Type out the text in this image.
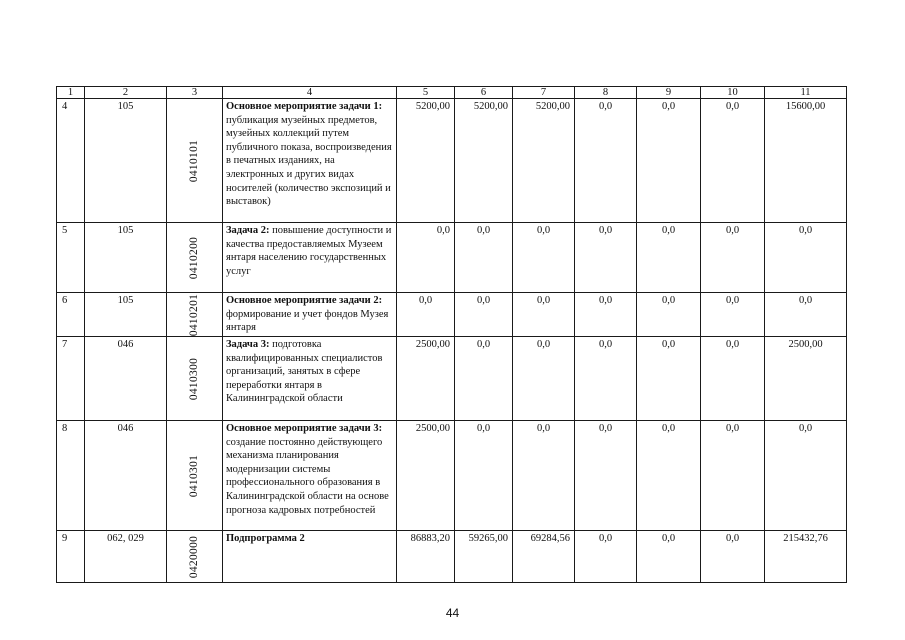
1	2	3	4	5	6	7	8	9	10	11
4	105	0410101	Основное мероприятие задачи 1: публикация музейных предметов, музейных коллекций путем публичного показа, воспроизведения в печатных изданиях, на электронных и других видах носителей (количество экспозиций и выставок)	5200,00	5200,00	5200,00	0,0	0,0	0,0	15600,00
5	105	0410200	Задача 2: повышение доступности и качества предоставляемых Музеем янтаря населению государственных услуг	0,0	0,0	0,0	0,0	0,0	0,0	0,0
6	105	0410201	Основное мероприятие задачи 2: формирование и учет фондов Музея янтаря	0,0	0,0	0,0	0,0	0,0	0,0	0,0
7	046	0410300	Задача 3: подготовка квалифицированных специалистов организаций, занятых в сфере переработки янтаря в Калининградской области	2500,00	0,0	0,0	0,0	0,0	0,0	2500,00
8	046	0410301	Основное мероприятие задачи 3: создание постоянно действующего механизма планирования модернизации системы профессионального образования в Калининградской области на основе прогноза кадровых потребностей	2500,00	0,0	0,0	0,0	0,0	0,0	0,0
9	062, 029	0420000	Подпрограмма 2	86883,20	59265,00	69284,56	0,0	0,0	0,0	215432,76
44
